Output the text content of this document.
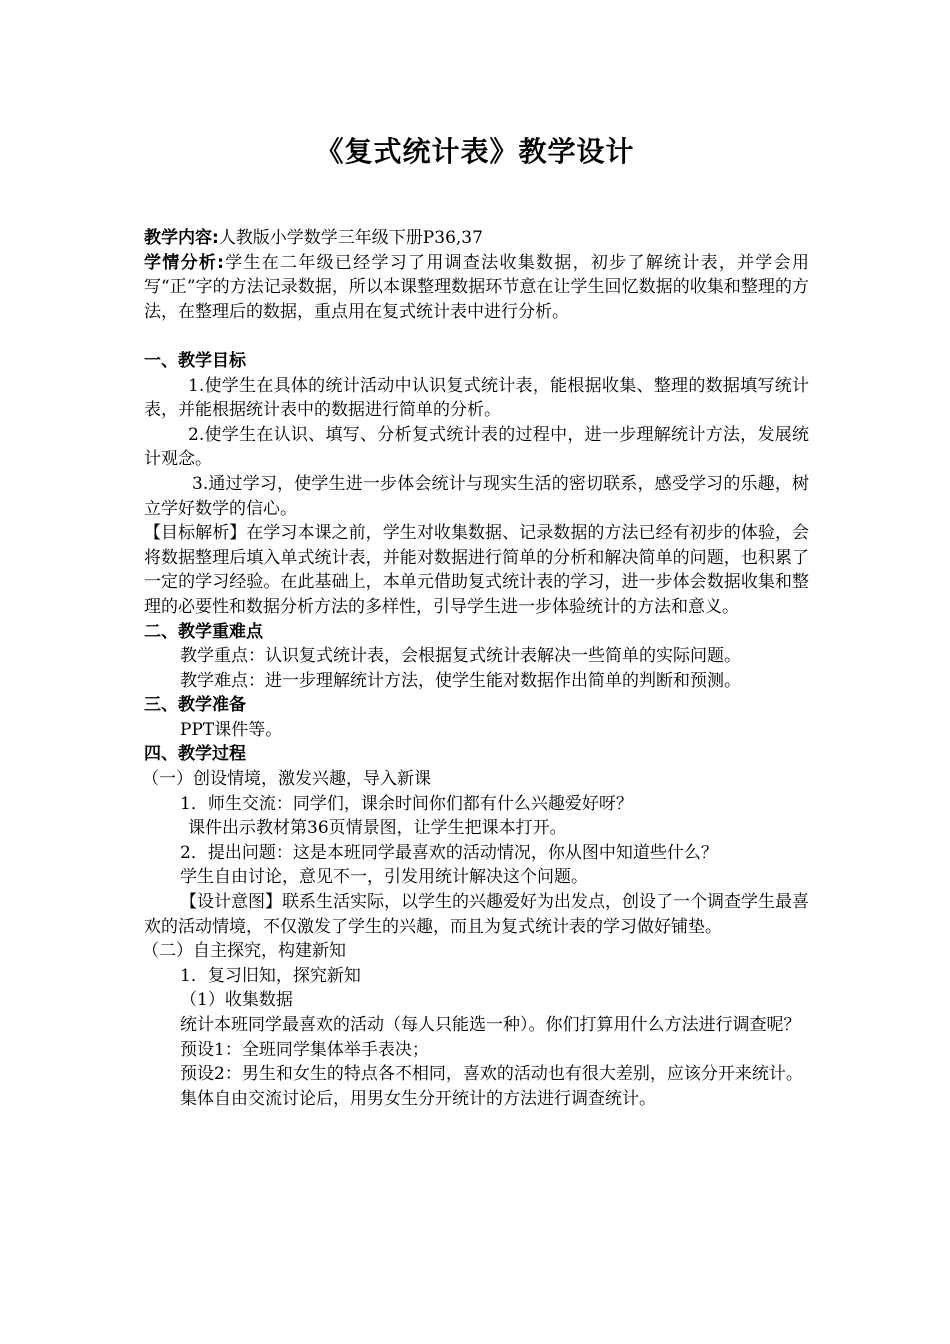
《复式统计表》教学设计

教学内容:人教版小学数学三年级下册P36,37

学情分析:学生在二年级已经学习了用调查法收集数据，初步了解统计表，并学会用写“正”字的方法记录数据，所以本课整理数据环节意在让学生回忆数据的收集和整理的方法，在整理后的数据，重点用在复式统计表中进行分析。

一、教学目标

1.使学生在具体的统计活动中认识复式统计表，能根据收集、整理的数据填写统计表，并能根据统计表中的数据进行简单的分析。

2.使学生在认识、填写、分析复式统计表的过程中，进一步理解统计方法，发展统计观念。

3.通过学习，使学生进一步体会统计与现实生活的密切联系，感受学习的乐趣，树立学好数学的信心。

【目标解析】在学习本课之前，学生对收集数据、记录数据的方法已经有初步的体验，会将数据整理后填入单式统计表，并能对数据进行简单的分析和解决简单的问题，也积累了一定的学习经验。在此基础上，本单元借助复式统计表的学习，进一步体会数据收集和整理的必要性和数据分析方法的多样性，引导学生进一步体验统计的方法和意义。

二、教学重难点

教学重点：认识复式统计表，会根据复式统计表解决一些简单的实际问题。

教学难点：进一步理解统计方法，使学生能对数据作出简单的判断和预测。

三、教学准备

PPT课件等。

四、教学过程

（一）创设情境，激发兴趣，导入新课

1．师生交流：同学们，课余时间你们都有什么兴趣爱好呀？

课件出示教材第36页情景图，让学生把课本打开。

2．提出问题：这是本班同学最喜欢的活动情况，你从图中知道些什么？

学生自由讨论，意见不一，引发用统计解决这个问题。

【设计意图】联系生活实际，以学生的兴趣爱好为出发点，创设了一个调查学生最喜欢的活动情境，不仅激发了学生的兴趣，而且为复式统计表的学习做好铺垫。

（二）自主探究，构建新知

1．复习旧知，探究新知

（1）收集数据

统计本班同学最喜欢的活动（每人只能选一种）。你们打算用什么方法进行调查呢？

预设1：全班同学集体举手表决；

预设2：男生和女生的特点各不相同，喜欢的活动也有很大差别，应该分开来统计。

集体自由交流讨论后，用男女生分开统计的方法进行调查统计。
